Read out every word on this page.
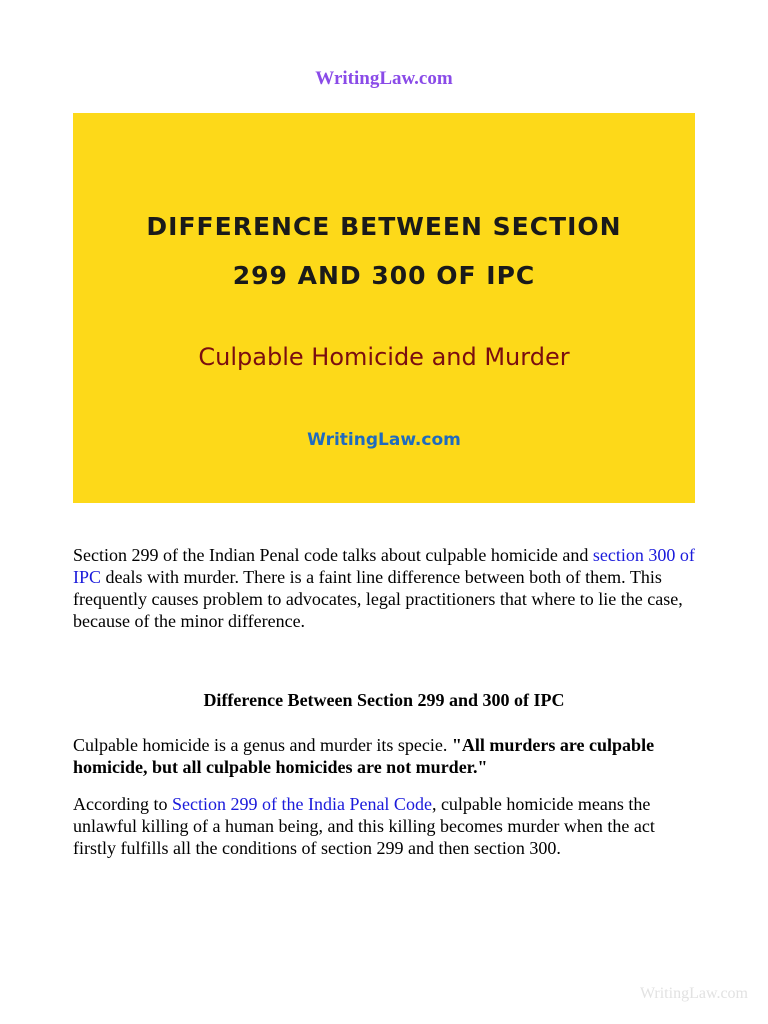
WritingLaw.com
DIFFERENCE BETWEEN SECTION
299 AND 300 OF IPC
Culpable Homicide and Murder
WritingLaw.com

Section 299 of the Indian Penal code talks about culpable homicide and section 300 of IPC deals with murder. There is a faint line difference between both of them. This frequently causes problem to advocates, legal practitioners that where to lie the case, because of the minor difference.

Difference Between Section 299 and 300 of IPC

Culpable homicide is a genus and murder its specie. "All murders are culpable homicide, but all culpable homicides are not murder."

According to Section 299 of the India Penal Code, culpable homicide means the unlawful killing of a human being, and this killing becomes murder when the act firstly fulfills all the conditions of section 299 and then section 300.

WritingLaw.com
